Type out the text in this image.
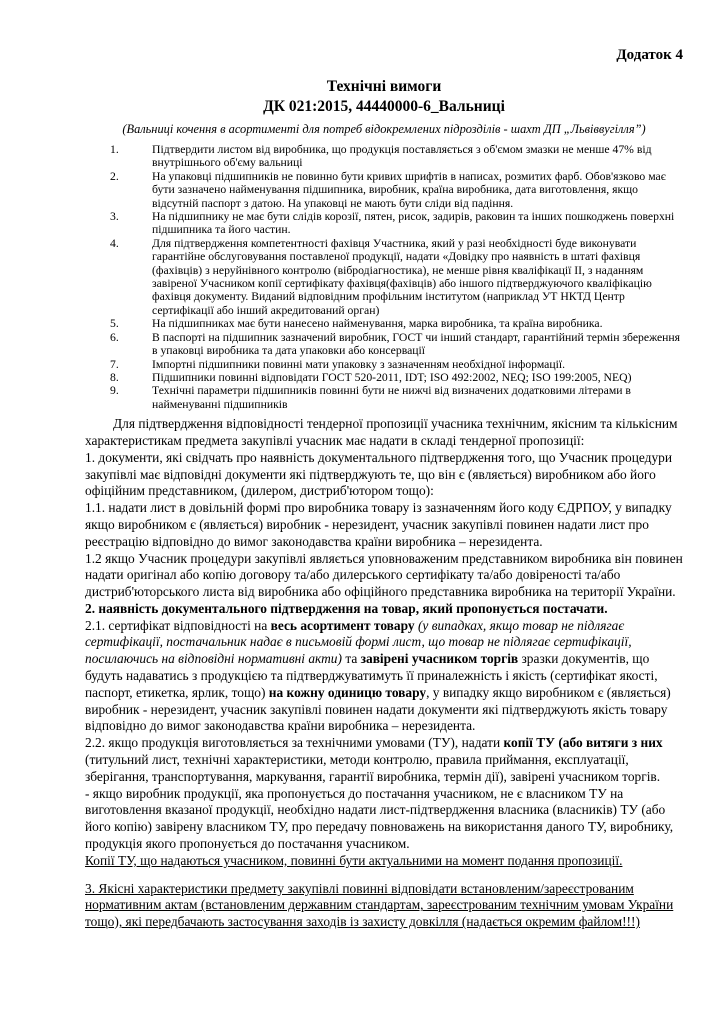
Додаток 4
Технічні вимоги
ДК 021:2015, 44440000-6_Вальниці
(Вальниці кочення в асортименті для потреб відокремлених підрозділів - шахт ДП „Львіввугілля”)
Підтвердити листом від виробника, що продукція поставляється з об'ємом змазки не менше 47% від внутрішнього об'єму вальниці
На упаковці підшипників не повинно бути кривих шрифтів в написах, розмитих фарб. Обов'язково має бути зазначено найменування підшипника, виробник, країна виробника, дата виготовлення, якщо відсутній паспорт з датою. На упаковці не мають бути сліди від падіння.
На підшипнику не має бути слідів корозії, пятен, рисок, задирів, раковин та інших пошкоджень поверхні підшипника та його частин.
Для підтвердження компетентності фахівця Участника, який у разі необхідності буде виконувати гарантійне обслуговування поставленої продукції, надати «Довідку про наявність в штаті фахівця (фахівців) з неруйнівного контролю (вібродіагностика), не менше рівня кваліфікації II, з наданням завіреної Учасником копії сертифікату фахівця(фахівців) або іншого підтверджуючого кваліфікацію фахівця документу. Виданий відповідним профільним інститутом (наприклад УТ НКТД Центр сертифікації або інший акредитований орган)
На підшипниках має бути нанесено найменування, марка виробника, та країна виробника.
В паспорті на підшипник зазначений виробник, ГОСТ чи інший стандарт, гарантійний термін збереження в упаковці виробника та дата упаковки або консервації
Імпортні підшипники повинні мати упаковку з зазначенням необхідної інформації.
Підшипники повинні відповідати ГОСТ 520-2011, IDT; ISO 492:2002, NEQ; ISO 199:2005, NEQ)
Технічні параметри підшипників повинні бути не нижчі від визначених додатковими літерами в найменуванні підшипників

Для підтвердження відповідності тендерної пропозиції учасника технічним, якісним та кількісним характеристикам предмета закупівлі учасник має надати в складі тендерної пропозиції:

1. документи, які свідчать про наявність документального підтвердження того, що Учасник процедури закупівлі має відповідні документи які підтверджують те, що він є (являється) виробником або його офіційним представником, (дилером, дистриб'ютором тощо):

1.1. надати лист в довільній формі про виробника товару із зазначенням його коду ЄДРПОУ, у випадку якщо виробником є (являється) виробник - нерезидент, учасник закупівлі повинен надати лист про реєстрацію відповідно до вимог законодавства країни виробника – нерезидента.

1.2 якщо Учасник процедури закупівлі являється уповноваженим представником виробника він повинен надати оригінал або копію договору та/або дилерського сертифікату та/або довіреності та/або дистриб'юторського листа від виробника або офіційного представника виробника на території України.

2. наявність документального підтвердження на товар, який пропонується постачати.

2.1. сертифікат відповідності на весь асортимент товару (у випадках, якщо товар не підлягає сертифікації, постачальник надає в письмовій формі лист, що товар не підлягає сертифікації, посилаючись на відповідні нормативні акти) та завірені учасником торгів зразки документів, що будуть надаватись з продукцією та підтверджуватимуть її приналежність і якість (сертифікат якості, паспорт, етикетка, ярлик, тощо) на кожну одиницю товару, у випадку якщо виробником є (являється) виробник - нерезидент, учасник закупівлі повинен надати документи які підтверджують якість товару відповідно до вимог законодавства країни виробника – нерезидента.

2.2. якщо продукція виготовляється за технічними умовами (ТУ), надати копії ТУ (або витяги з них (титульний лист, технічні характеристики, методи контролю, правила приймання, експлуатації, зберігання, транспортування, маркування, гарантії виробника, термін дії), завірені учасником торгів.

- якщо виробник продукції, яка пропонується до постачання учасником, не є власником ТУ на виготовлення вказаної продукції, необхідно надати лист-підтвердження власника (власників) ТУ (або його копію) завірену власником ТУ, про передачу повноважень на використання даного ТУ, виробнику, продукція якого пропонується до постачання учасником.

Копії ТУ, що надаються учасником, повинні бути актуальними на момент подання пропозиції.

3. Якісні характеристики предмету закупівлі повинні відповідати встановленим/зареєстрованим нормативним актам (встановленим державним стандартам, зареєстрованим технічним умовам України тощо), які передбачають застосування заходів із захисту довкілля (надається окремим файлом!!!)
